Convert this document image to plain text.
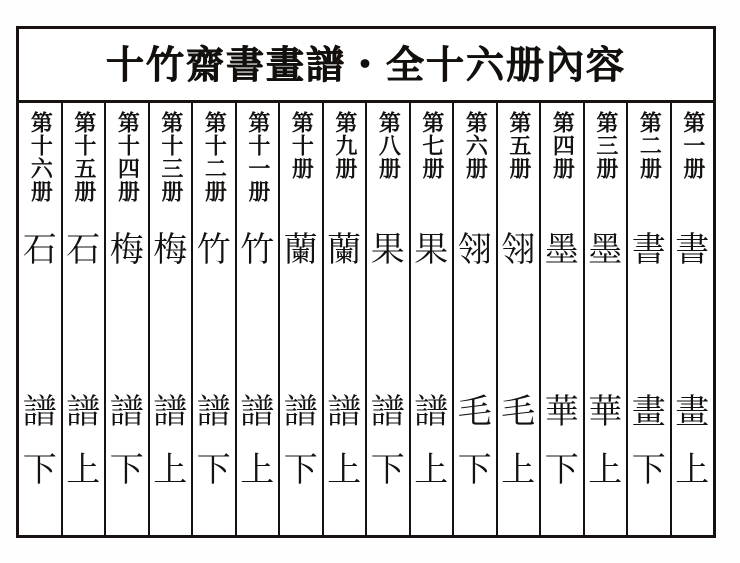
十竹齋書畫譜・全十六册內容
第十六册
石
譜
下
第十五册
石
譜
上
第十四册
梅
譜
下
第十三册
梅
譜
上
第十二册
竹
譜
下
第十一册
竹
譜
上
第十册
蘭
譜
下
第九册
蘭
譜
上
第八册
果
譜
下
第七册
果
譜
上
第六册
翎
毛
下
第五册
翎
毛
上
第四册
墨
華
下
第三册
墨
華
上
第二册
書
畫
下
第一册
書
畫
上
